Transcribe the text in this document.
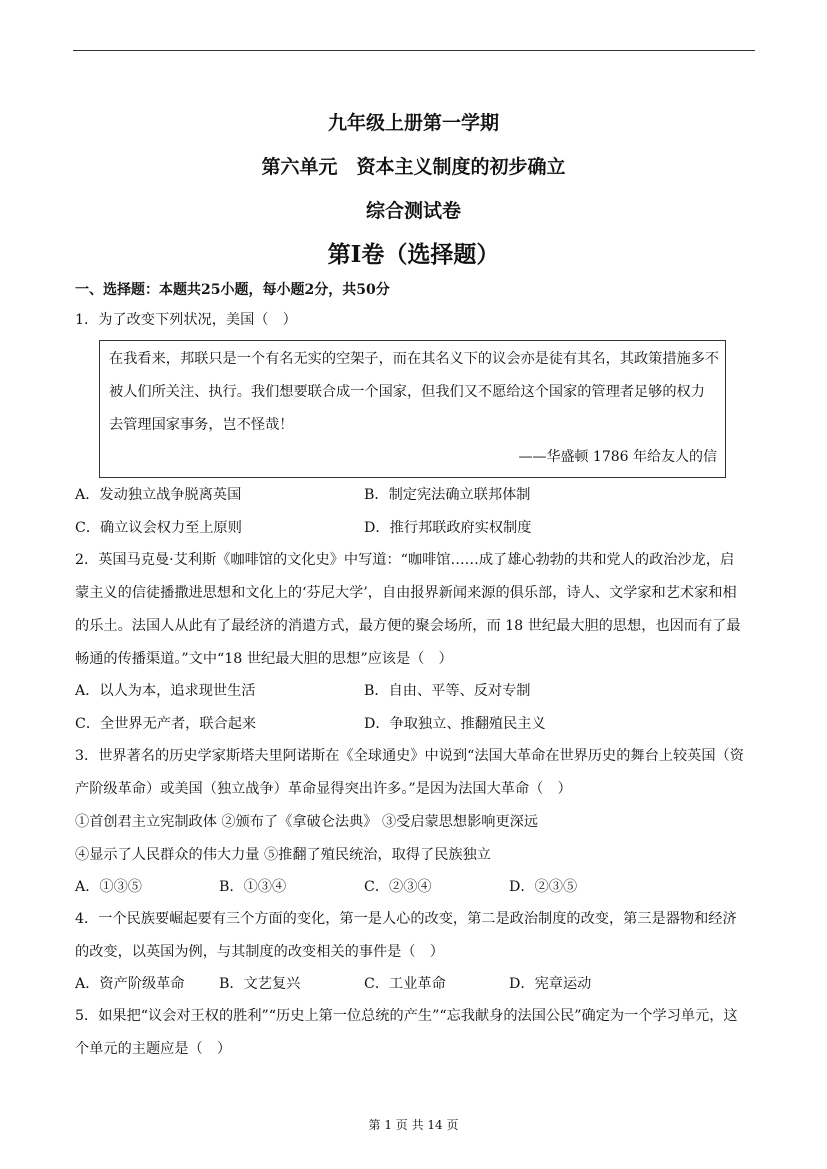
九年级上册第一学期
第六单元　资本主义制度的初步确立
综合测试卷
第Ⅰ卷（选择题）
一、选择题：本题共25小题，每小题2分，共50分
1．为了改变下列状况，美国（　）
在我看来，邦联只是一个有名无实的空架子，而在其名义下的议会亦是徒有其名，其政策措施多不
被人们所关注、执行。我们想要联合成一个国家，但我们又不愿给这个国家的管理者足够的权力
去管理国家事务，岂不怪哉！
——华盛顿 1786 年给友人的信
A．发动独立战争脱离英国	B．制定宪法确立联邦体制
C．确立议会权力至上原则	D．推行邦联政府实权制度
2．英国马克曼·艾利斯《咖啡馆的文化史》中写道：“咖啡馆……成了雄心勃勃的共和党人的政治沙龙，启
蒙主义的信徒播撒进思想和文化上的‘芬尼大学’，自由报界新闻来源的俱乐部，诗人、文学家和艺术家和相
的乐土。法国人从此有了最经济的消遣方式，最方便的聚会场所，而 18 世纪最大胆的思想，也因而有了最
畅通的传播渠道。”文中“18 世纪最大胆的思想”应该是（　）
A．以人为本，追求现世生活	B．自由、平等、反对专制
C．全世界无产者，联合起来	D．争取独立、推翻殖民主义
3．世界著名的历史学家斯塔夫里阿诺斯在《全球通史》中说到“法国大革命在世界历史的舞台上较英国（资
产阶级革命）或美国（独立战争）革命显得突出许多。”是因为法国大革命（　）
①首创君主立宪制政体 ②颁布了《拿破仑法典》 ③受启蒙思想影响更深远
④显示了人民群众的伟大力量 ⑤推翻了殖民统治，取得了民族独立
A．①③⑤	B．①③④	C．②③④	D．②③⑤
4．一个民族要崛起要有三个方面的变化，第一是人心的改变，第二是政治制度的改变，第三是器物和经济
的改变，以英国为例，与其制度的改变相关的事件是（　）
A．资产阶级革命 B．文艺复兴	C．工业革命	D．宪章运动
5．如果把“议会对王权的胜利”“历史上第一位总统的产生”“忘我献身的法国公民”确定为一个学习单元，这
个单元的主题应是（　）
第 1 页 共 14 页
